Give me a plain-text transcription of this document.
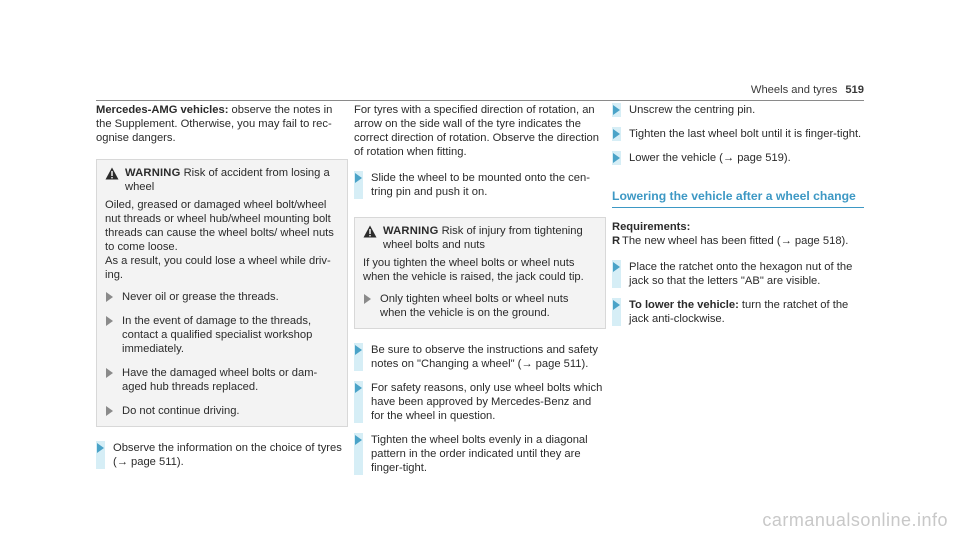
Wheels and tyres 519

Mercedes-AMG vehicles: observe the notes in the Supplement. Otherwise, you may fail to rec-ognise dangers.

WARNING Risk of accident from losing a wheel

Oiled, greased or damaged wheel bolt/wheel nut threads or wheel hub/wheel mounting bolt threads can cause the wheel bolts/ wheel nuts to come loose.

As a result, you could lose a wheel while driv-ing.

Never oil or grease the threads.

In the event of damage to the threads, contact a qualified specialist workshop immediately.

Have the damaged wheel bolts or dam-aged hub threads replaced.

Do not continue driving.

Observe the information on the choice of tyres (→ page 511).

For tyres with a specified direction of rotation, an arrow on the side wall of the tyre indicates the correct direction of rotation. Observe the direction of rotation when fitting.

Slide the wheel to be mounted onto the cen-tring pin and push it on.

WARNING Risk of injury from tightening wheel bolts and nuts

If you tighten the wheel bolts or wheel nuts when the vehicle is raised, the jack could tip.

Only tighten wheel bolts or wheel nuts when the vehicle is on the ground.

Be sure to observe the instructions and safety notes on "Changing a wheel" (→ page 511).

For safety reasons, only use wheel bolts which have been approved by Mercedes-Benz and for the wheel in question.

Tighten the wheel bolts evenly in a diagonal pattern in the order indicated until they are finger-tight.

Unscrew the centring pin.

Tighten the last wheel bolt until it is finger-tight.

Lower the vehicle (→ page 519).

Lowering the vehicle after a wheel change

Requirements:

R The new wheel has been fitted (→ page 518).

Place the ratchet onto the hexagon nut of the jack so that the letters "AB" are visible.

To lower the vehicle: turn the ratchet of the jack anti-clockwise.

carmanualsonline.info
